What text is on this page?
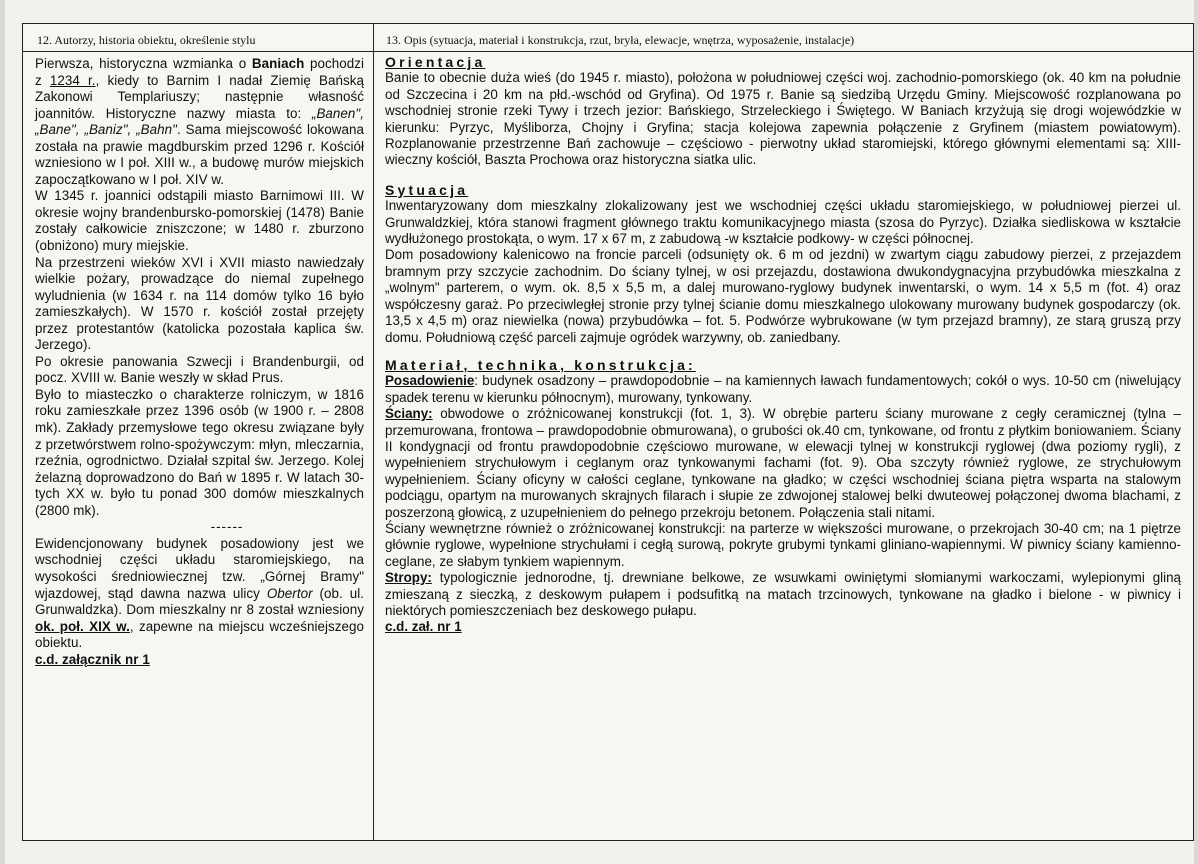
12. Autorzy, historia obiektu, określenie stylu

Pierwsza, historyczna wzmianka o Baniach pochodzi z 1234 r., kiedy to Barnim I nadał Ziemię Bańską Zakonowi Templariuszy; następnie własność joannitów. Historyczne nazwy miasta to: „Banen", „Bane", „Baniz", „Bahn". Sama miejscowość lokowana została na prawie magdburskim przed 1296 r. Kościół wzniesiono w I poł. XIII w., a budowę murów miejskich zapoczątkowano w I poł. XIV w.

W 1345 r. joannici odstąpili miasto Barnimowi III. W okresie wojny brandenbursko-pomorskiej (1478) Banie zostały całkowicie zniszczone; w 1480 r. zburzono (obniżono) mury miejskie.

Na przestrzeni wieków XVI i XVII miasto nawiedzały wielkie pożary, prowadzące do niemal zupełnego wyludnienia (w 1634 r. na 114 domów tylko 16 było zamieszkałych). W 1570 r. kościół został przejęty przez protestantów (katolicka pozostała kaplica św. Jerzego).

Po okresie panowania Szwecji i Brandenburgii, od pocz. XVIII w. Banie weszły w skład Prus.

Było to miasteczko o charakterze rolniczym, w 1816 roku zamieszkałe przez 1396 osób (w 1900 r. – 2808 mk). Zakłady przemysłowe tego okresu związane były z przetwórstwem rolno-spożywczym: młyn, mleczarnia, rzeźnia, ogrodnictwo. Działał szpital św. Jerzego. Kolej żelazną doprowadzono do Bań w 1895 r. W latach 30-tych XX w. było tu ponad 300 domów mieszkalnych (2800 mk).

------

Ewidencjonowany budynek posadowiony jest we wschodniej części układu staromiejskiego, na wysokości średniowiecznej tzw. „Górnej Bramy" wjazdowej, stąd dawna nazwa ulicy Obertor (ob. ul. Grunwaldzka). Dom mieszkalny nr 8 został wzniesiony ok. poł. XIX w., zapewne na miejscu wcześniejszego obiektu.

c.d. załącznik nr 1

13. Opis (sytuacja, materiał i konstrukcja, rzut, bryła, elewacje, wnętrza, wyposażenie, instalacje)
Orientacja

Banie to obecnie duża wieś (do 1945 r. miasto), położona w południowej części woj. zachodnio-pomorskiego (ok. 40 km na południe od Szczecina i 20 km na płd.-wschód od Gryfina). Od 1975 r. Banie są siedzibą Urzędu Gminy. Miejscowość rozplanowana po wschodniej stronie rzeki Tywy i trzech jezior: Bańskiego, Strzeleckiego i Świętego. W Baniach krzyżują się drogi wojewódzkie w kierunku: Pyrzyc, Myśliborza, Chojny i Gryfina; stacja kolejowa zapewnia połączenie z Gryfinem (miastem powiatowym). Rozplanowanie przestrzenne Bań zachowuje – częściowo - pierwotny układ staromiejski, którego głównymi elementami są: XIII-wieczny kościół, Baszta Prochowa oraz historyczna siatka ulic.

Sytuacja

Inwentaryzowany dom mieszkalny zlokalizowany jest we wschodniej części układu staromiejskiego, w południowej pierzei ul. Grunwaldzkiej, która stanowi fragment głównego traktu komunikacyjnego miasta (szosa do Pyrzyc). Działka siedliskowa w kształcie wydłużonego prostokąta, o wym. 17 x 67 m, z zabudową -w kształcie podkowy- w części północnej.

Dom posadowiony kalenicowo na froncie parceli (odsunięty ok. 6 m od jezdni) w zwartym ciągu zabudowy pierzei, z przejazdem bramnym przy szczycie zachodnim. Do ściany tylnej, w osi przejazdu, dostawiona dwukondygnacyjna przybudówka mieszkalna z „wolnym" parterem, o wym. ok. 8,5 x 5,5 m, a dalej murowano-ryglowy budynek inwentarski, o wym. 14 x 5,5 m (fot. 4) oraz współczesny garaż. Po przeciwległej stronie przy tylnej ścianie domu mieszkalnego ulokowany murowany budynek gospodarczy (ok. 13,5 x 4,5 m) oraz niewielka (nowa) przybudówka – fot. 5. Podwórze wybrukowane (w tym przejazd bramny), ze starą gruszą przy domu. Południową część parceli zajmuje ogródek warzywny, ob. zaniedbany.

Materiał, technika, konstrukcja:

Posadowienie: budynek osadzony – prawdopodobnie – na kamiennych ławach fundamentowych; cokół o wys. 10-50 cm (niwelujący spadek terenu w kierunku północnym), murowany, tynkowany.

Ściany: obwodowe o zróżnicowanej konstrukcji (fot. 1, 3). W obrębie parteru ściany murowane z cegły ceramicznej (tylna – przemurowana, frontowa – prawdopodobnie obmurowana), o grubości ok.40 cm, tynkowane, od frontu z płytkim boniowaniem. Ściany II kondygnacji od frontu prawdopodobnie częściowo murowane, w elewacji tylnej w konstrukcji ryglowej (dwa poziomy rygli), z wypełnieniem strychułowym i ceglanym oraz tynkowanymi fachami (fot. 9). Oba szczyty również ryglowe, ze strychułowym wypełnieniem. Ściany oficyny w całości ceglane, tynkowane na gładko; w części wschodniej ściana piętra wsparta na stalowym podciągu, opartym na murowanych skrajnych filarach i słupie ze zdwojonej stalowej belki dwuteowej połączonej dwoma blachami, z poszerzoną głowicą, z uzupełnieniem do pełnego przekroju betonem. Połączenia stali nitami.

Ściany wewnętrzne również o zróżnicowanej konstrukcji: na parterze w większości murowane, o przekrojach 30-40 cm; na 1 piętrze głównie ryglowe, wypełnione strychułami i cegłą surową, pokryte grubymi tynkami gliniano-wapiennymi. W piwnicy ściany kamienno-ceglane, ze słabym tynkiem wapiennym.

Stropy: typologicznie jednorodne, tj. drewniane belkowe, ze wsuwkami owiniętymi słomianymi warkoczami, wylepionymi gliną zmieszaną z sieczką, z deskowym pułapem i podsufitką na matach trzcinowych, tynkowane na gładko i bielone - w piwnicy i niektórych pomieszczeniach bez deskowego pułapu.

c.d. zał. nr 1
